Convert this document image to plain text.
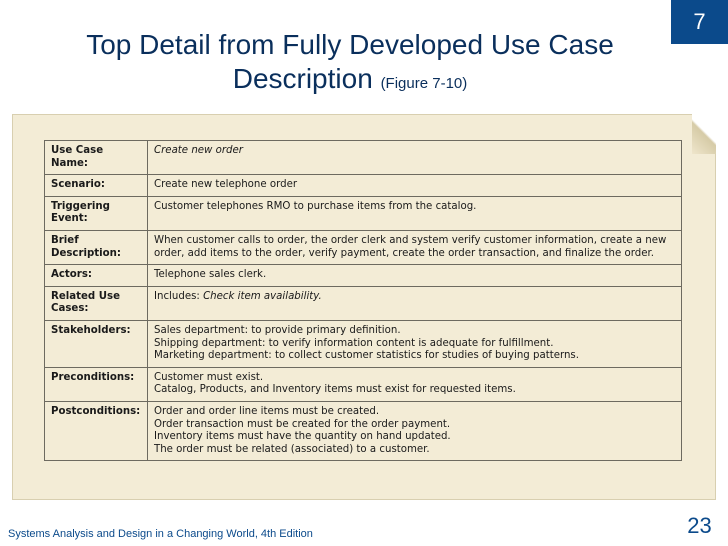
7
Top Detail from Fully Developed Use Case
Description (Figure 7-10)
Use Case Name:	Create new order
Scenario:	Create new telephone order
Triggering Event:	Customer telephones RMO to purchase items from the catalog.
Brief Description:	When customer calls to order, the order clerk and system verify customer information, create a new order, add items to the order, verify payment, create the order transaction, and finalize the order.
Actors:	Telephone sales clerk.
Related Use Cases:	Includes: Check item availability.
Stakeholders:	Sales department: to provide primary definition.
Shipping department: to verify information content is adequate for fulfillment.
Marketing department: to collect customer statistics for studies of buying patterns.

Preconditions:	Customer must exist.
Catalog, Products, and Inventory items must exist for requested items.

Postconditions:	Order and order line items must be created.
Order transaction must be created for the order payment.
Inventory items must have the quantity on hand updated.
The order must be related (associated) to a customer.
Systems Analysis and Design in a Changing World, 4th Edition	23
